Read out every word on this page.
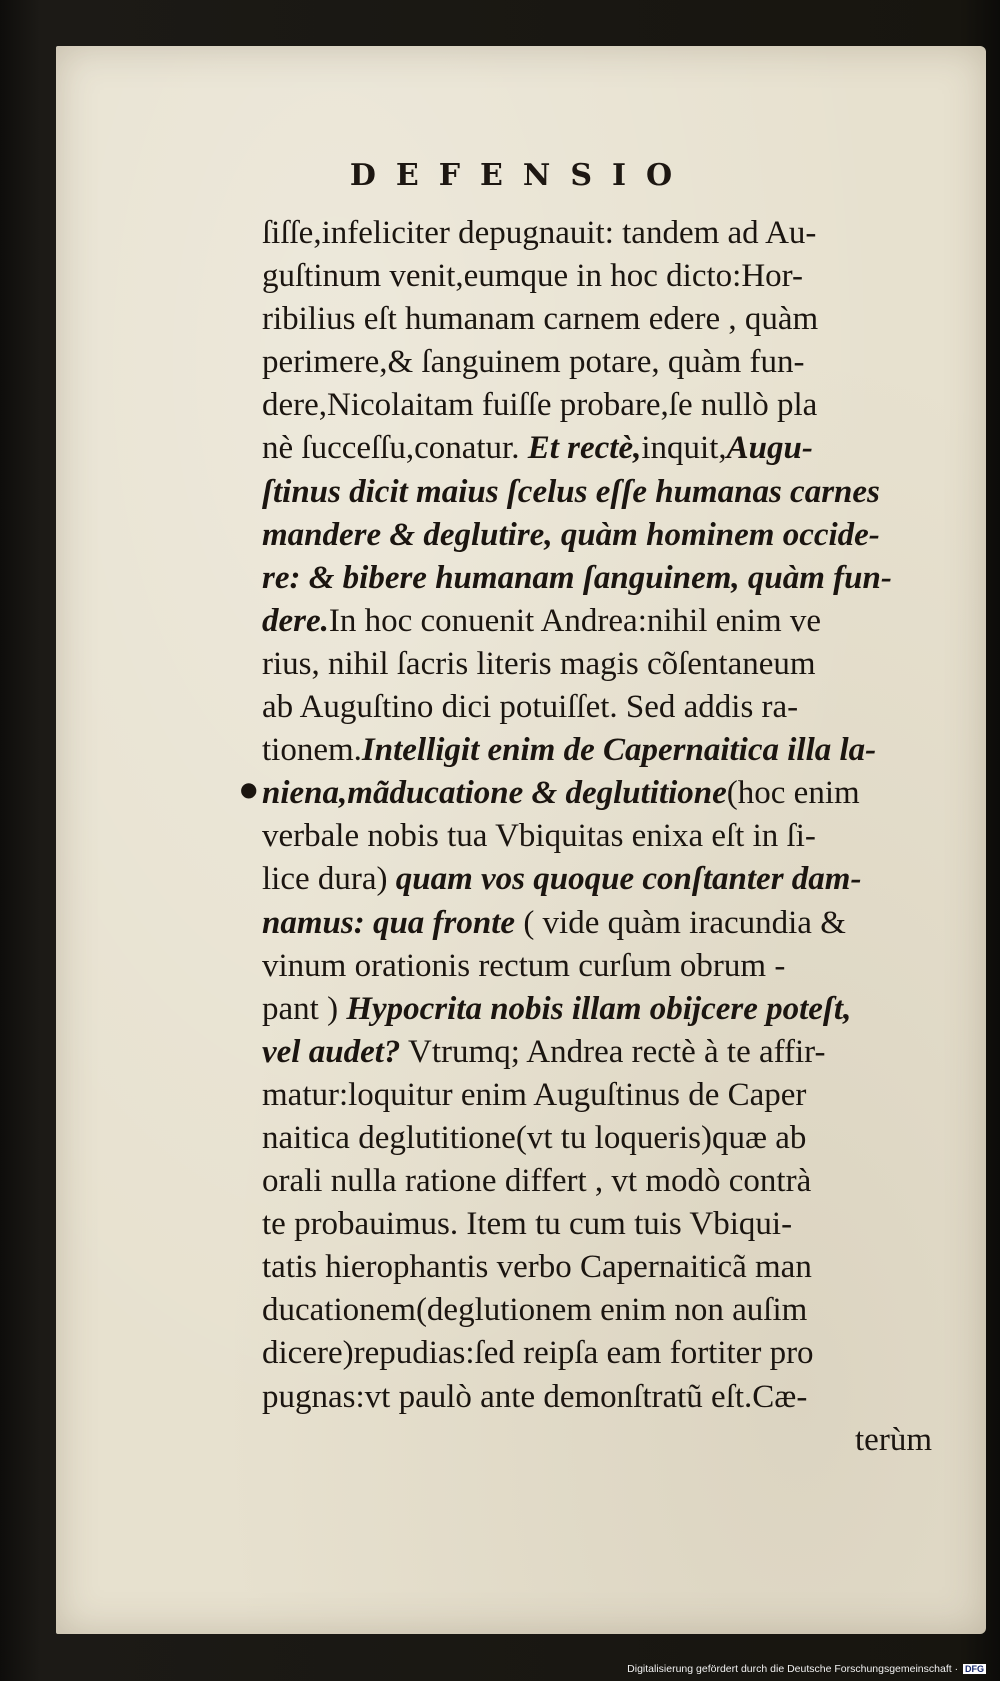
DEFENSIO
●
ſiſſe,infeliciter depugnauit: tandem ad Au-
guſtinum venit,eumque in hoc dicto:Hor-
ribilius eſt humanam carnem edere , quàm
perimere,& ſanguinem potare, quàm fun-
dere,Nicolaitam fuiſſe probare,ſe nullò pla
nè ſucceſſu,conatur. Et rectè,inquit,Augu-
ſtinus dicit maius ſcelus eſſe humanas carnes
mandere & deglutire, quàm hominem occide-
re: & bibere humanam ſanguinem, quàm fun-
dere.In hoc conuenit Andrea:nihil enim ve
rius, nihil ſacris literis magis cõſentaneum
ab Auguſtino dici potuiſſet. Sed addis ra-
tionem.Intelligit enim de Capernaitica illa la-
niena,mãducatione & deglutitione(hoc enim
verbale nobis tua Vbiquitas enixa eſt in ſi-
lice dura) quam vos quoque conſtanter dam-
namus: qua fronte ( vide quàm iracundia &
vinum orationis rectum curſum obrum -
pant ) Hypocrita nobis illam obijcere poteſt,
vel audet? Vtrumq; Andrea rectè à te affir-
matur:loquitur enim Auguſtinus de Caper
naitica deglutitione(vt tu loqueris)quæ ab
orali nulla ratione differt , vt modò contrà
te probauimus. Item tu cum tuis Vbiqui-
tatis hierophantis verbo Capernaiticã man
ducationem(deglutionem enim non auſim
dicere)repudias:ſed reipſa eam fortiter pro
pugnas:vt paulò ante demonſtratũ eſt.Cæ-
terùm
Digitalisierung gefördert durch die Deutsche Forschungsgemeinschaft · DFG
